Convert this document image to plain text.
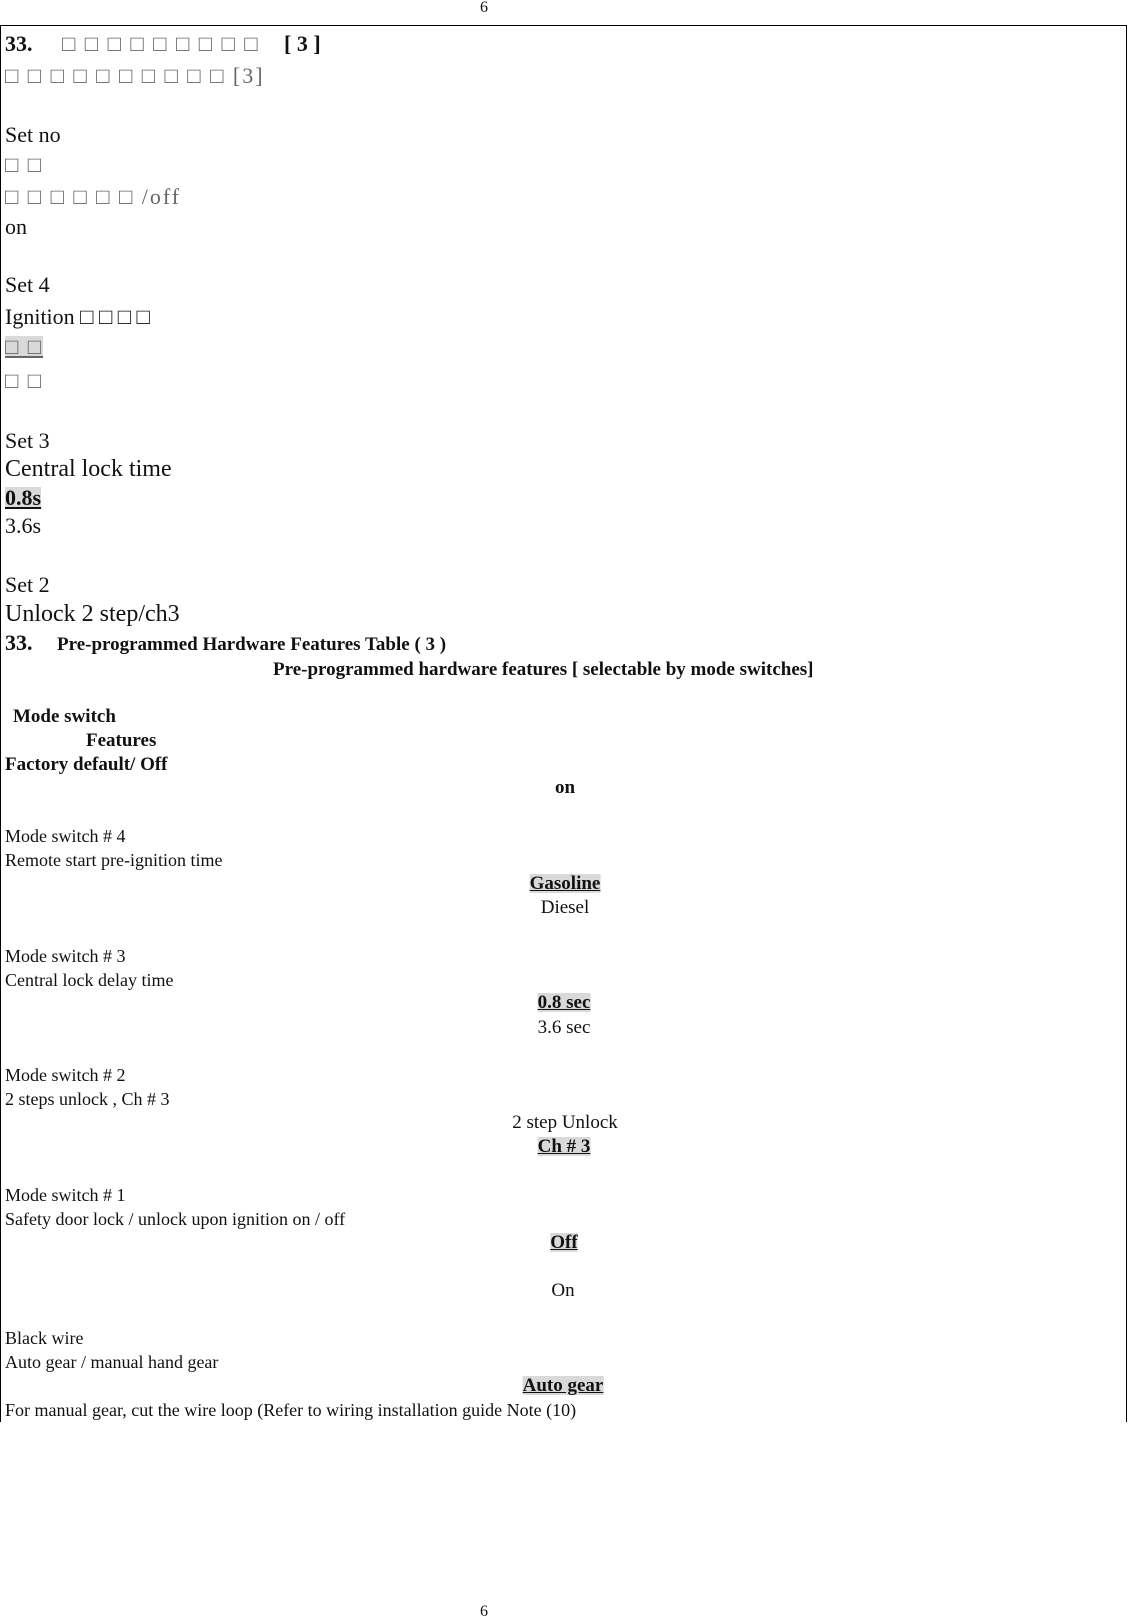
6
6
33. □ □ □ □ □ □ □ □ □ [ 3 ]
□ □ □ □ □ □ □ □ □ □ [3]
Set no
□ □
□ □ □ □ □ □ /off
on
Set 4
Ignition □ □ □ □
□ □
□ □
Set 3
Central lock time
0.8s
3.6s
Set 2
Unlock 2 step/ch3
33. Pre-programmed Hardware Features Table ( 3 )
Pre-programmed hardware features [ selectable by mode switches]
Mode switch
Features
Factory default/ Off
on
Mode switch # 4
Remote start pre-ignition time
Gasoline
Diesel
Mode switch # 3
Central lock delay time
0.8 sec
3.6 sec
Mode switch # 2
2 steps unlock , Ch # 3
2 step Unlock
Ch # 3
Mode switch # 1
Safety door lock / unlock upon ignition on / off
Off
On
Black wire
Auto gear / manual hand gear
Auto gear
For manual gear, cut the wire loop (Refer to wiring installation guide Note (10)
